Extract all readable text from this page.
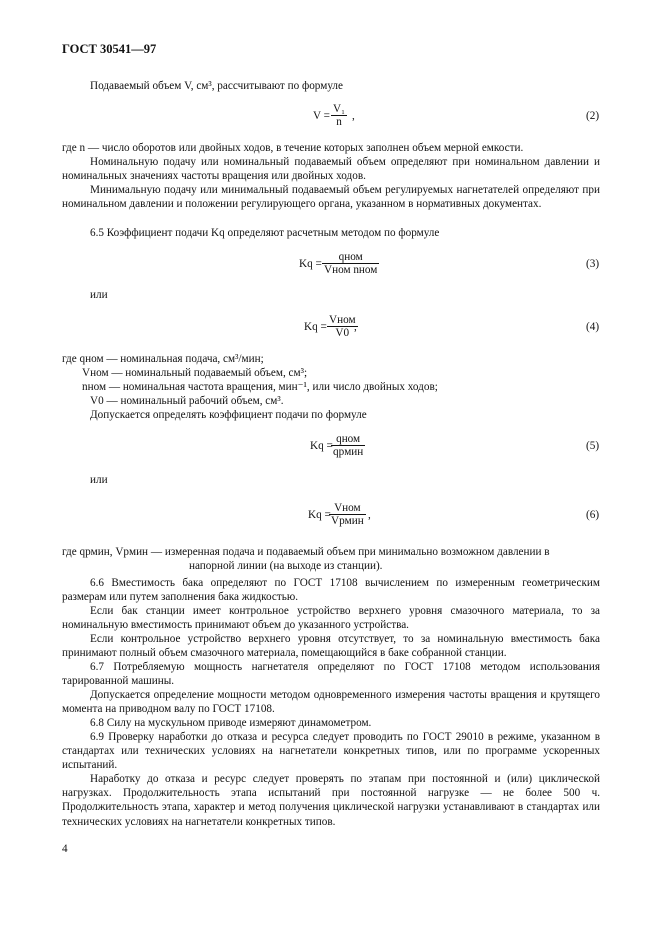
ГОСТ 30541—97
Подаваемый объем V, см³, рассчитывают по формуле
$V = \frac{\text{V₁}}{n}$ ,	(2)
где n — число оборотов или двойных ходов, в течение которых заполнен объем мерной емкости.
Номинальную подачу или номинальный подаваемый объем определяют при номинальном давлении и номинальных значениях частоты вращения или двойных ходов.
Минимальную подачу или минимальный подаваемый объем регулируемых нагнетателей определяют при номинальном давлении и положении регулирующего органа, указанном в нормативных документах.
6.5 Коэффициент подачи Kq определяют расчетным методом по формуле
Kq =
qном
Vном nном	(3)
или
Kq =
Vном
V0 ,	(4)
где qном — номинальная подача, см³/мин;
Vном — номинальный подаваемый объем, см³;
nном — номинальная частота вращения, мин⁻¹, или число двойных ходов;
V0 — номинальный рабочий объем, см³.
Допускается определять коэффициент подачи по формуле
Kq =
qном
qpмин	(5)
или
Kq =
Vном
Vpмин ,	(6)
где qpмин, Vpмин — измеренная подача и подаваемый объем при минимально возможном давлении в
напорной линии (на выходе из станции).
6.6 Вместимость бака определяют по ГОСТ 17108 вычислением по измеренным геометрическим размерам или путем заполнения бака жидкостью.
Если бак станции имеет контрольное устройство верхнего уровня смазочного материала, то за номинальную вместимость принимают объем до указанного устройства.
Если контрольное устройство верхнего уровня отсутствует, то за номинальную вместимость бака принимают полный объем смазочного материала, помещающийся в баке собранной станции.
6.7 Потребляемую мощность нагнетателя определяют по ГОСТ 17108 методом использования тарированной машины.
Допускается определение мощности методом одновременного измерения частоты вращения и крутящего момента на приводном валу по ГОСТ 17108.
6.8 Силу на мускульном приводе измеряют динамометром.
6.9 Проверку наработки до отказа и ресурса следует проводить по ГОСТ 29010 в режиме, указанном в стандартах или технических условиях на нагнетатели конкретных типов, или по программе ускоренных испытаний.
Наработку до отказа и ресурс следует проверять по этапам при постоянной и (или) циклической нагрузках. Продолжительность этапа испытаний при постоянной нагрузке — не более 500 ч. Продолжительность этапа, характер и метод получения циклической нагрузки устанавливают в стандартах или технических условиях на нагнетатели конкретных типов.
4
